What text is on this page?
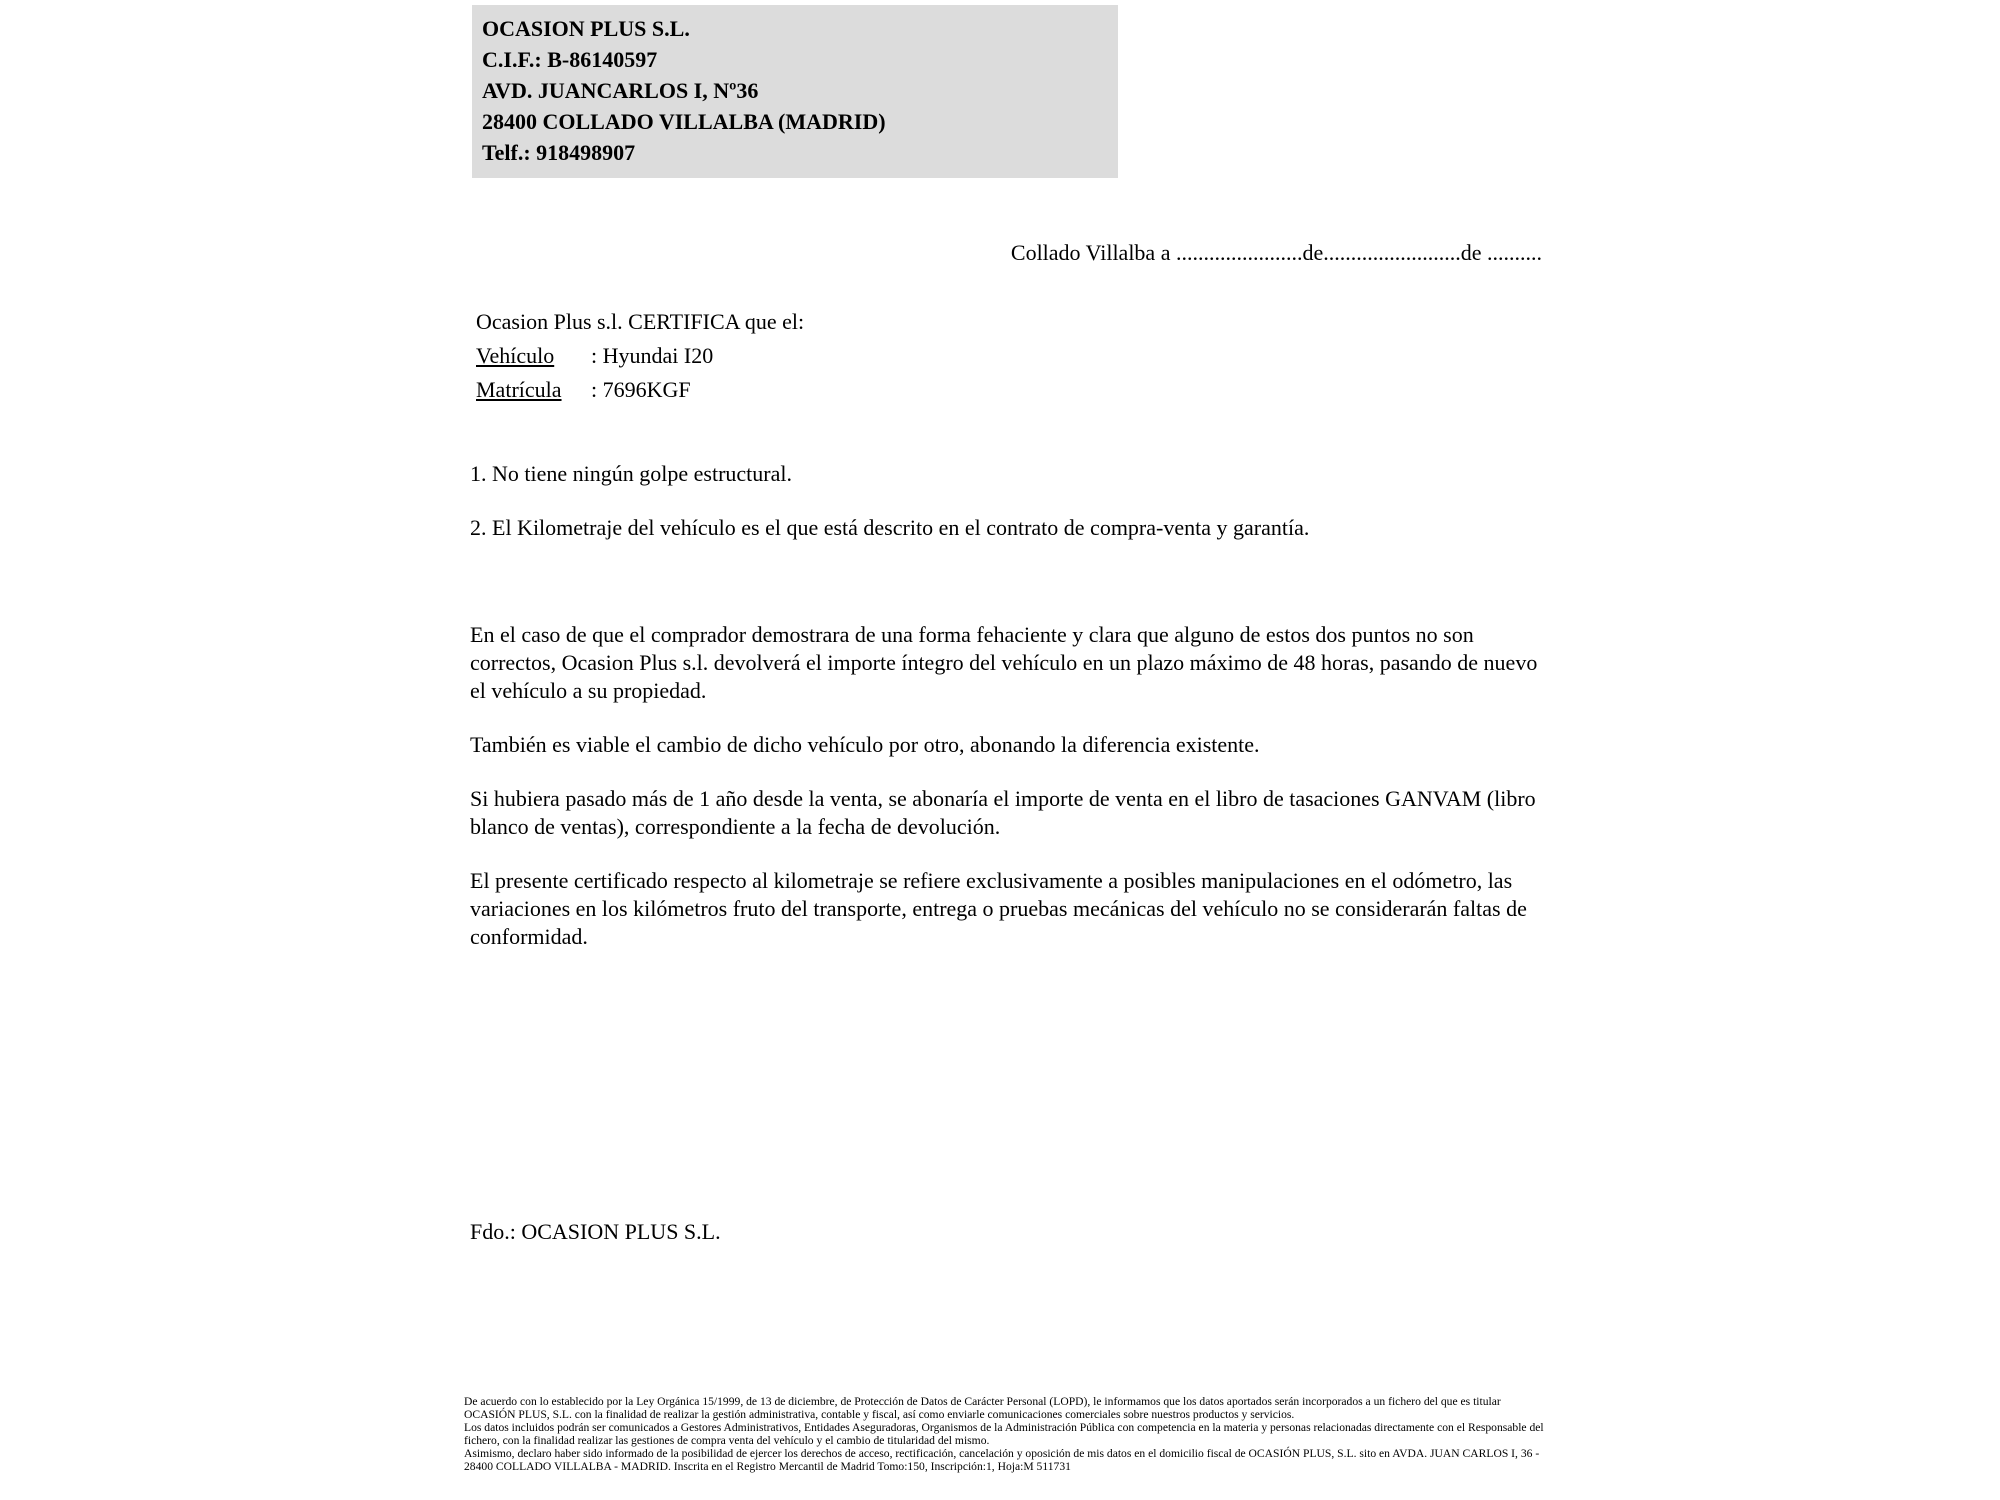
OCASION PLUS S.L.
C.I.F.: B-86140597
AVD. JUANCARLOS I, Nº36
28400 COLLADO VILLALBA (MADRID)
Telf.: 918498907
Collado Villalba a .......................de.........................de ..........
Ocasion Plus s.l. CERTIFICA que el:
Vehículo	: Hyundai I20
Matrícula	: 7696KGF
1. No tiene ningún golpe estructural.
2. El Kilometraje del vehículo es el que está descrito en el contrato de compra-venta y garantía.

En el caso de que el comprador demostrara de una forma fehaciente y clara que alguno de estos dos puntos no son correctos, Ocasion Plus s.l. devolverá el importe íntegro del vehículo en un plazo máximo de 48 horas, pasando de nuevo el vehículo a su propiedad.

También es viable el cambio de dicho vehículo por otro, abonando la diferencia existente.

Si hubiera pasado más de 1 año desde la venta, se abonaría el importe de venta en el libro de tasaciones GANVAM (libro blanco de ventas), correspondiente a la fecha de devolución.

El presente certificado respecto al kilometraje se refiere exclusivamente a posibles manipulaciones en el odómetro, las variaciones en los kilómetros fruto del transporte, entrega o pruebas mecánicas del vehículo no se considerarán faltas de conformidad.

Fdo.: OCASION PLUS S.L.
De acuerdo con lo establecido por la Ley Orgánica 15/1999, de 13 de diciembre, de Protección de Datos de Carácter Personal (LOPD), le informamos que los datos aportados serán incorporados a un fichero del que es titular OCASIÓN PLUS, S.L. con la finalidad de realizar la gestión administrativa, contable y fiscal, así como enviarle comunicaciones comerciales sobre nuestros productos y servicios.
Los datos incluidos podrán ser comunicados a Gestores Administrativos, Entidades Aseguradoras, Organismos de la Administración Pública con competencia en la materia y personas relacionadas directamente con el Responsable del fichero, con la finalidad realizar las gestiones de compra venta del vehículo y el cambio de titularidad del mismo.
Asimismo, declaro haber sido informado de la posibilidad de ejercer los derechos de acceso, rectificación, cancelación y oposición de mis datos en el domicilio fiscal de OCASIÓN PLUS, S.L. sito en AVDA. JUAN CARLOS I, 36 - 28400 COLLADO VILLALBA - MADRID. Inscrita en el Registro Mercantil de Madrid Tomo:150, Inscripción:1, Hoja:M 511731
